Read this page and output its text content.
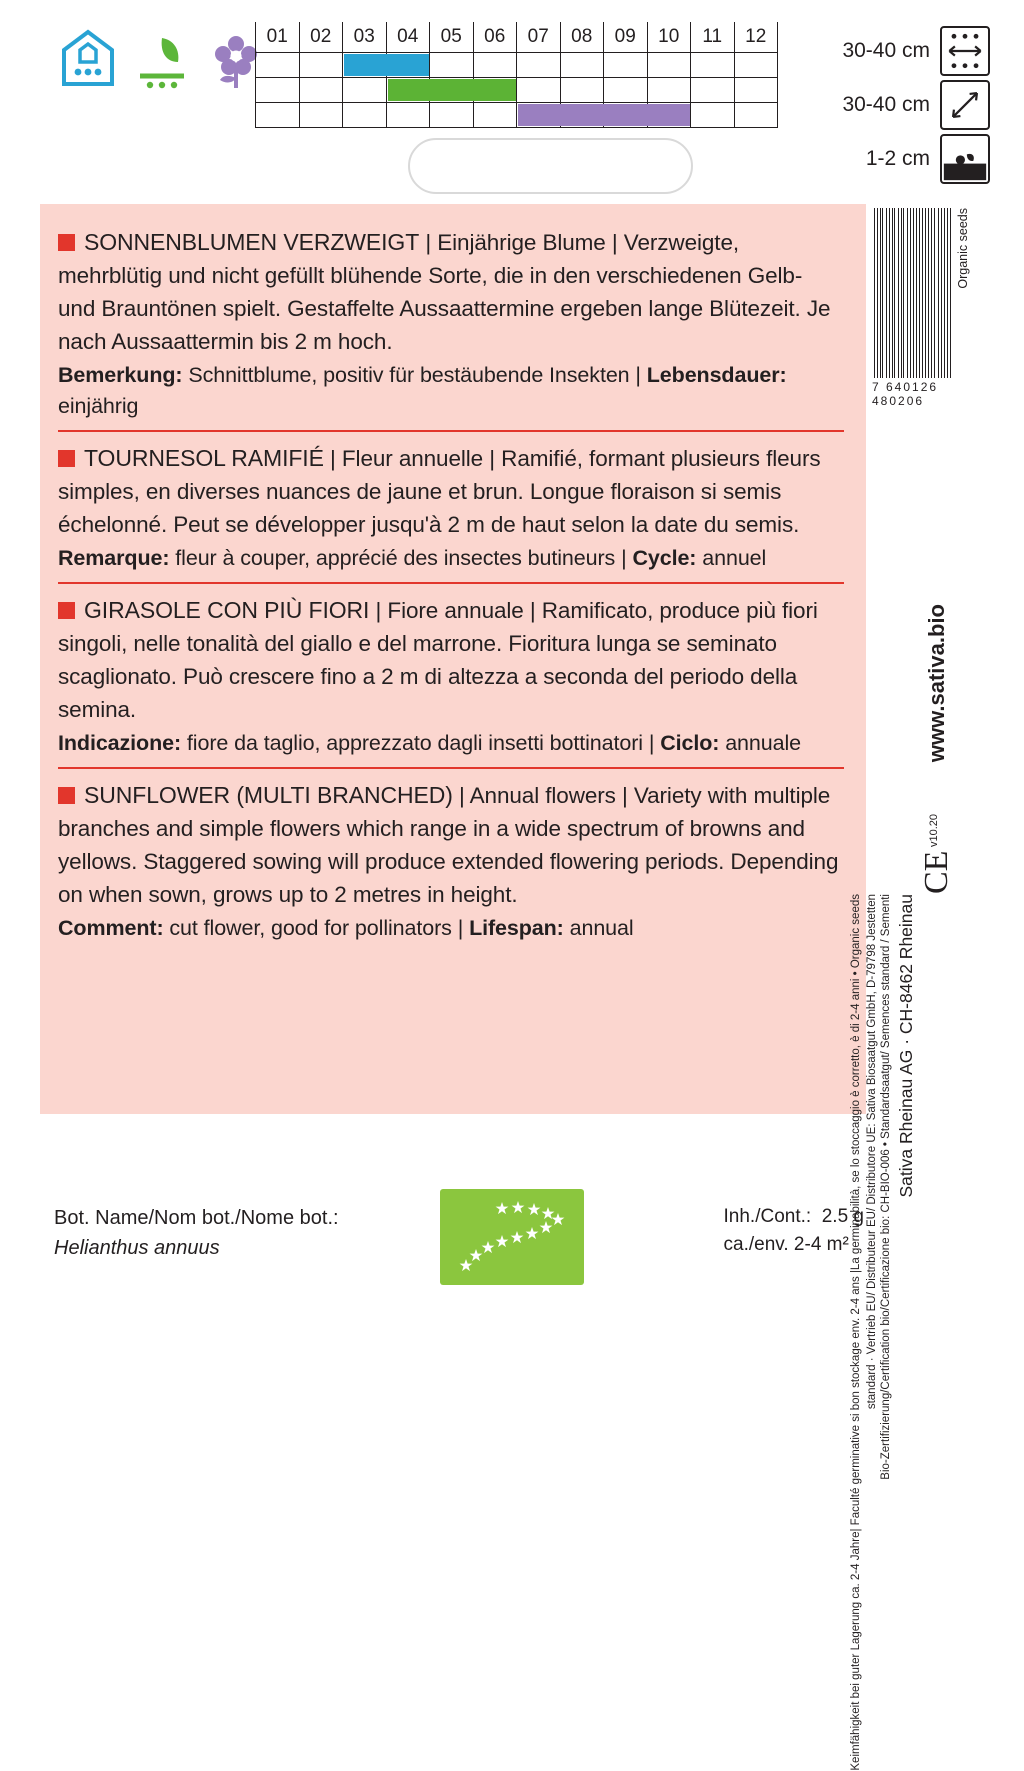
01	02	03	04	05	06	07	08	09	10	11	12
30-40 cm
30-40 cm
1-2 cm
SONNENBLUMEN VERZWEIGT | Einjährige Blume | Verzweigte, mehrblütig und nicht gefüllt blühende Sorte, die in den verschiedenen Gelb- und Brauntönen spielt. Gestaffelte Aussaattermine ergeben lange Blütezeit. Je nach Aussaattermin bis 2 m hoch.
Bemerkung: Schnittblume, positiv für bestäubende Insekten | Lebensdauer: einjährig
TOURNESOL RAMIFIÉ | Fleur annuelle | Ramifié, formant plusieurs fleurs simples, en diverses nuances de jaune et brun. Longue floraison si semis échelonné. Peut se développer jusqu'à 2 m de haut selon la date du semis.
Remarque: fleur à couper, apprécié des insectes butineurs | Cycle: annuel
GIRASOLE CON PIÙ FIORI | Fiore annuale | Ramificato, produce più fiori singoli, nelle tonalità del giallo e del marrone. Fioritura lunga se seminato scaglionato. Può crescere fino a 2 m di altezza a seconda del periodo della semina.
Indicazione: fiore da taglio, apprezzato dagli insetti bottinatori | Ciclo: annuale
SUNFLOWER (MULTI BRANCHED) | Annual flowers | Variety with multiple branches and simple flowers which range in a wide spectrum of browns and yellows. Staggered sowing will produce extended flowering periods. Depending on when sown, grows up to 2 metres in height.
Comment: cut flower, good for pollinators | Lifespan: annual
7 640126 480206
Organic seeds
www.sativa.bio
v10.20
CE
Sativa Rheinau AG · CH-8462 Rheinau
Bio-Zertifizierung/Certification bio/Certificazione bio: CH-BIO-006 • Standardsaatgut/ Semences standard / Sementi
standard · Vertrieb EU/ Distributeur EU/ Distributore UE: Sativa Biosaatgut GmbH, D-79798 Jestetten
Keimfähigkeit bei guter Lagerung ca. 2-4 Jahre| Faculté germinative si bon stockage env. 2-4 ans |La germinabilità, se lo stoccaggio è corretto, è di 2-4 anni • Organic seeds
Bot. Name/Nom bot./Nome bot.:
Helianthus annuus
Inh./Cont.: 2.5 g
ca./env. 2-4 m²
